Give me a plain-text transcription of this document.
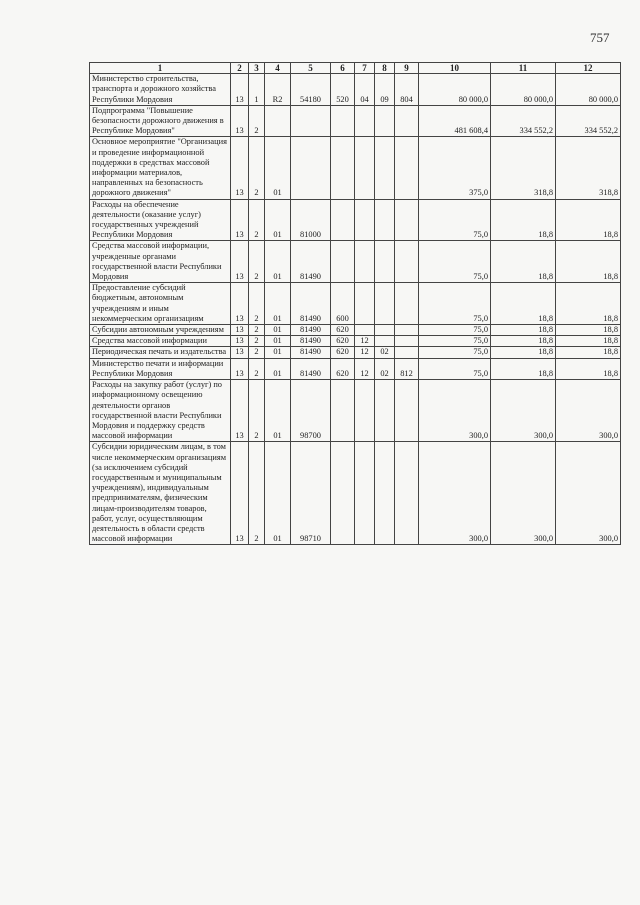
757
1	2	3	4	5	6	7	8	9	10	11	12
Министерство строительства, транспорта и дорожного хозяйства Республики Мордовия	13	1	R2	54180	520	04	09	804	80 000,0	80 000,0	80 000,0
Подпрограмма "Повышение безопасности дорожного движения в Республике Мордовия"	13	2							481 608,4	334 552,2	334 552,2
Основное мероприятие "Организация и проведение информационной поддержки в средствах массовой информации материалов, направленных на безопасность дорожного движения"	13	2	01						375,0	318,8	318,8
Расходы на обеспечение деятельности (оказание услуг) государственных учреждений Республики Мордовия	13	2	01	81000					75,0	18,8	18,8
Средства массовой информации, учрежденные органами государственной власти Республики Мордовия	13	2	01	81490					75,0	18,8	18,8
Предоставление субсидий бюджетным, автономным учреждениям и иным некоммерческим организациям	13	2	01	81490	600				75,0	18,8	18,8
Субсидии автономным учреждениям	13	2	01	81490	620				75,0	18,8	18,8
Средства массовой информации	13	2	01	81490	620	12			75,0	18,8	18,8
Периодическая печать и издательства	13	2	01	81490	620	12	02		75,0	18,8	18,8
Министерство печати и информации Республики Мордовия	13	2	01	81490	620	12	02	812	75,0	18,8	18,8
Расходы на закупку работ (услуг) по информационному освещению деятельности органов государственной власти Республики Мордовия и поддержку средств массовой информации	13	2	01	98700					300,0	300,0	300,0
Субсидии юридическим лицам, в том числе некоммерческим организациям (за исключением субсидий государственным и муниципальным учреждениям), индивидуальным предпринимателям, физическим лицам-производителям товаров, работ, услуг, осуществляющим деятельность в области средств массовой информации	13	2	01	98710					300,0	300,0	300,0
